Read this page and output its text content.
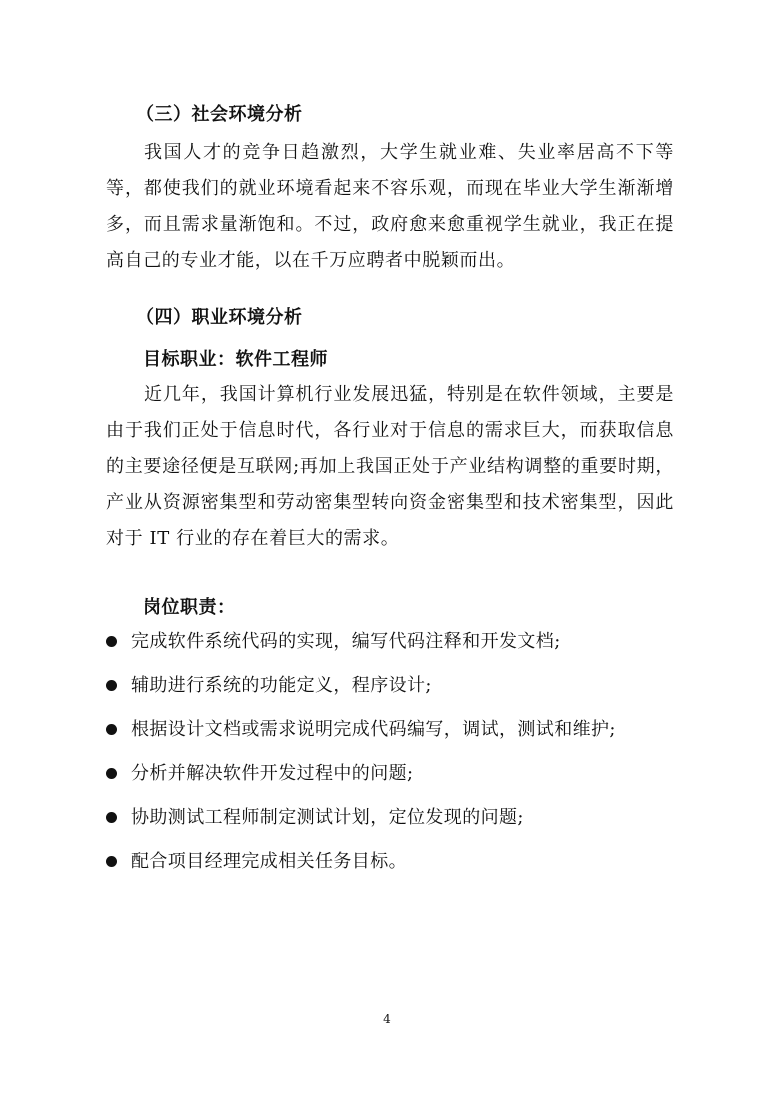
（三）社会环境分析

我国人才的竞争日趋激烈，大学生就业难、失业率居高不下等等，都使我们的就业环境看起来不容乐观，而现在毕业大学生渐渐增多，而且需求量渐饱和。不过，政府愈来愈重视学生就业，我正在提高自己的专业才能，以在千万应聘者中脱颖而出。

（四）职业环境分析
目标职业：软件工程师

近几年，我国计算机行业发展迅猛，特别是在软件领域，主要是由于我们正处于信息时代，各行业对于信息的需求巨大，而获取信息的主要途径便是互联网;再加上我国正处于产业结构调整的重要时期，产业从资源密集型和劳动密集型转向资金密集型和技术密集型，因此对于 IT 行业的存在着巨大的需求。

岗位职责：
完成软件系统代码的实现，编写代码注释和开发文档;
辅助进行系统的功能定义，程序设计;
根据设计文档或需求说明完成代码编写，调试，测试和维护;
分析并解决软件开发过程中的问题;
协助测试工程师制定测试计划，定位发现的问题;
配合项目经理完成相关任务目标。
4
